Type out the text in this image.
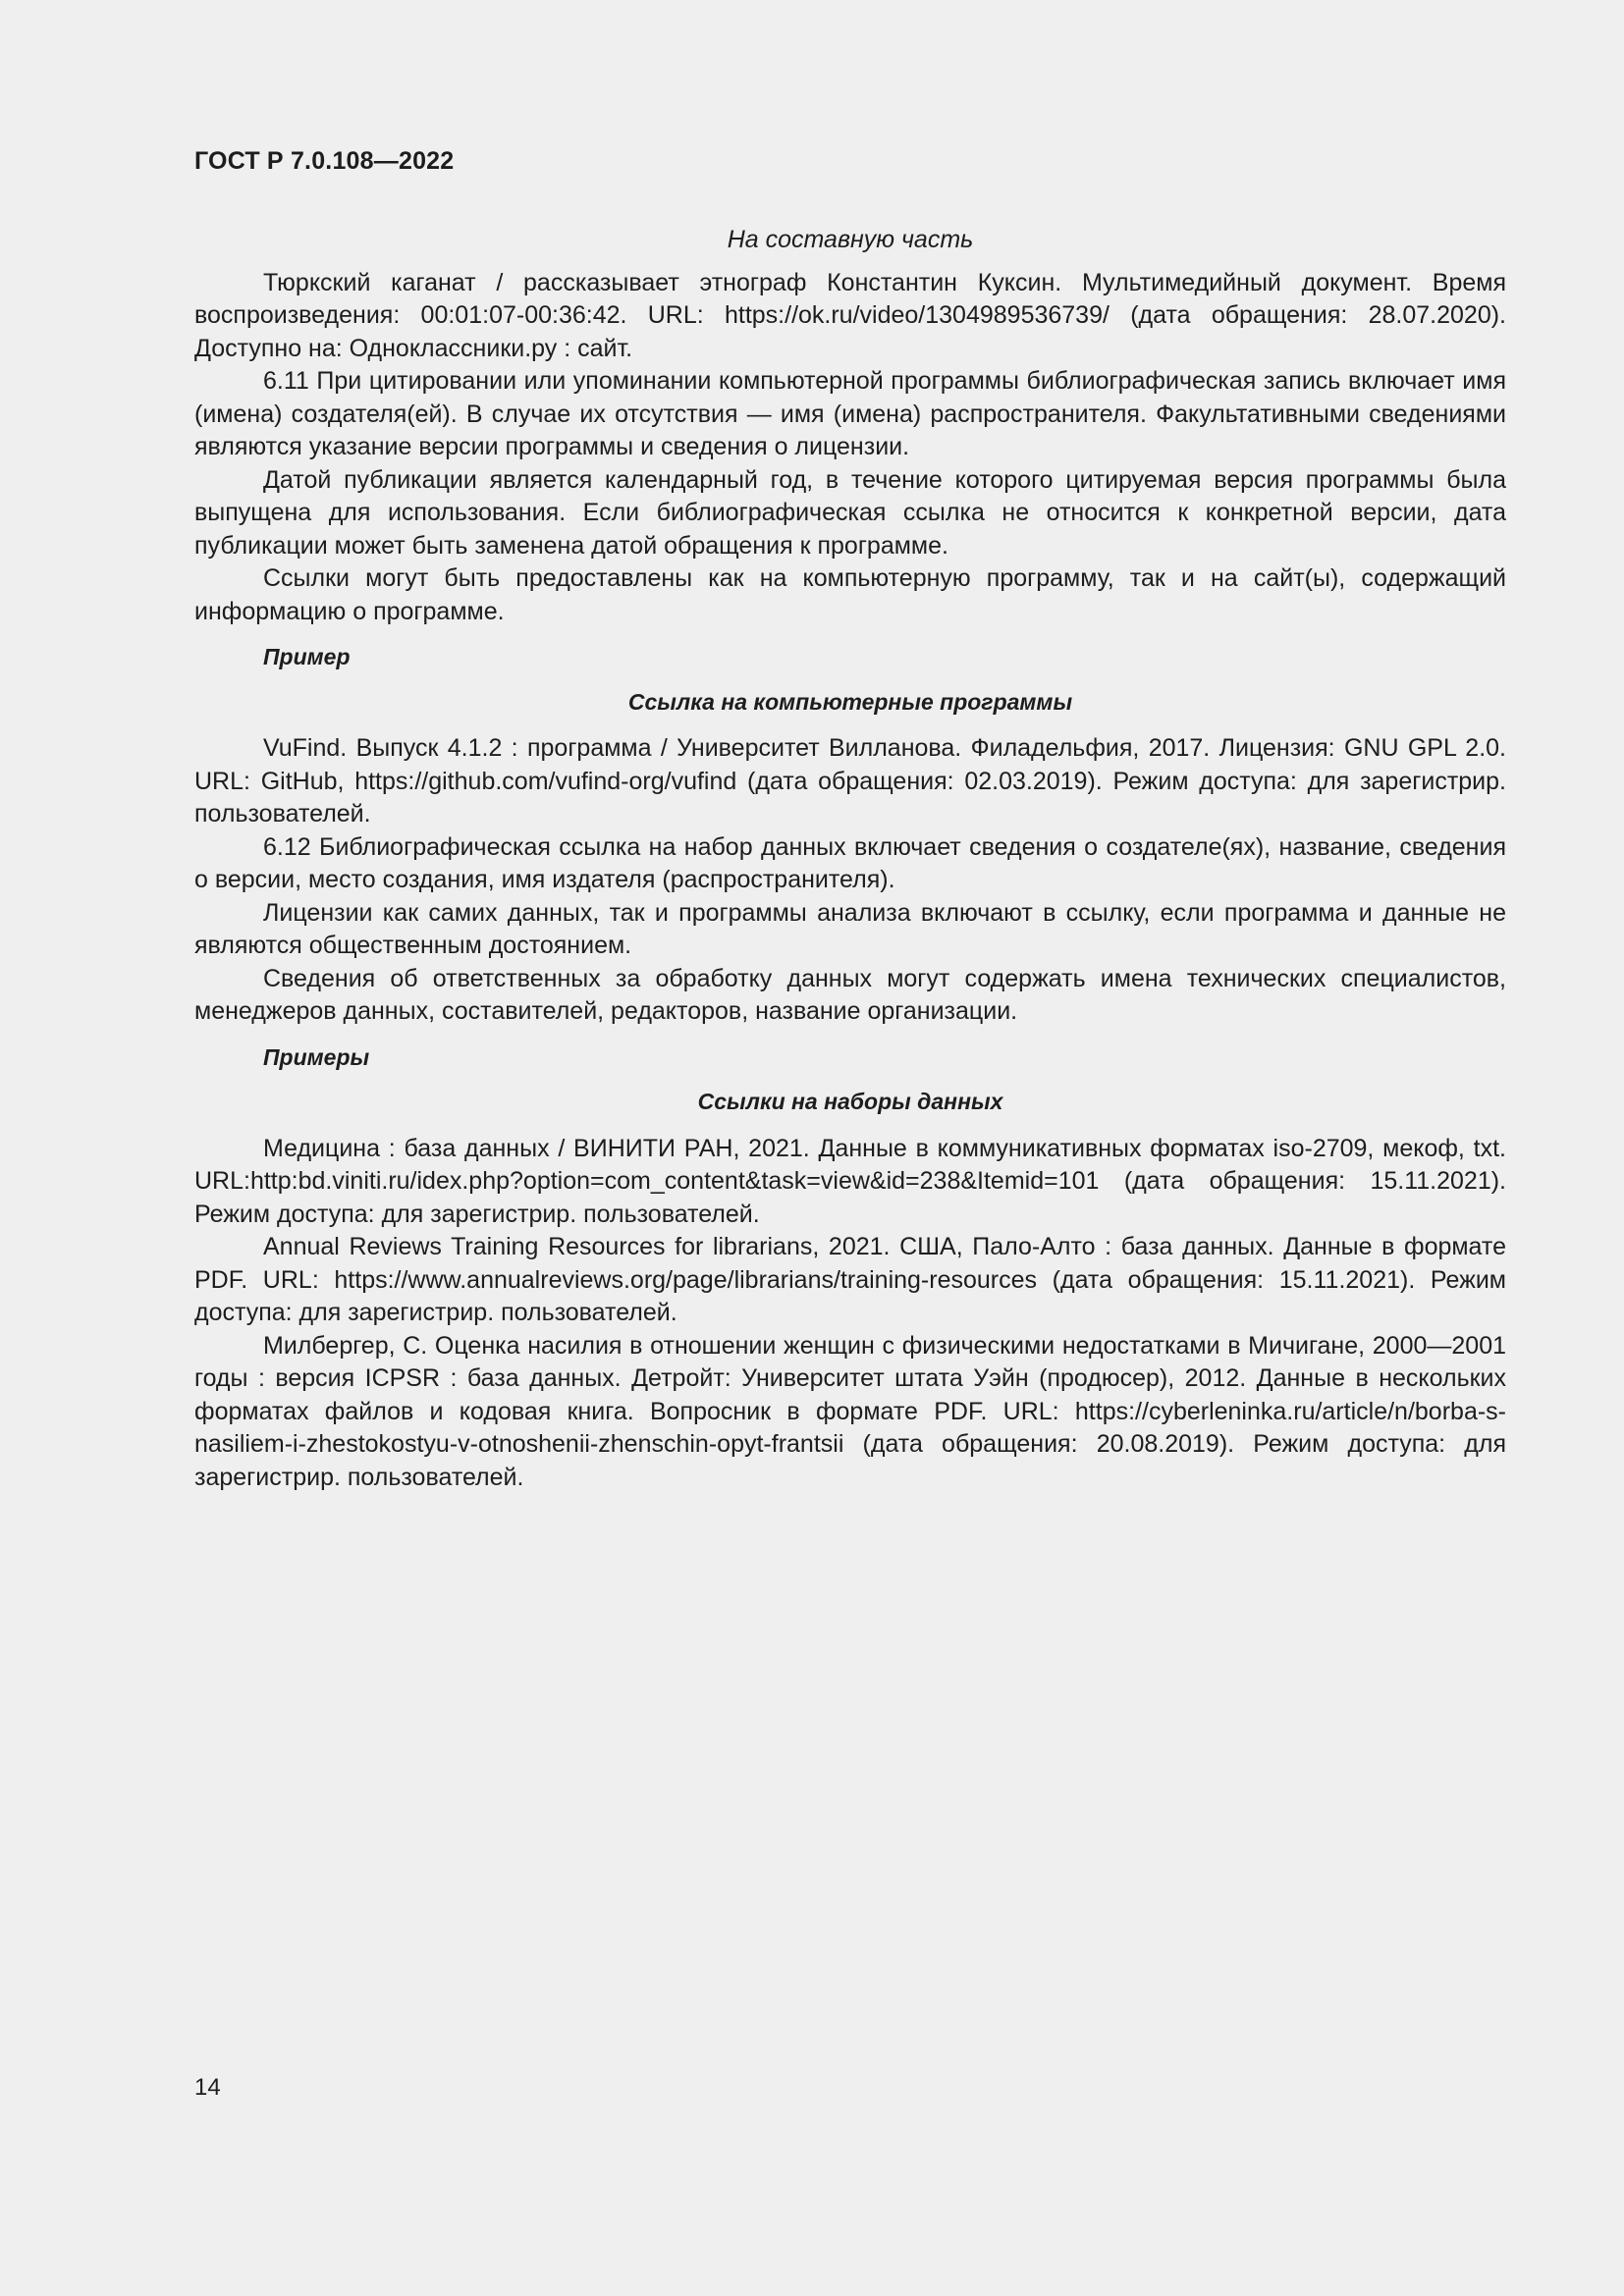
ГОСТ Р 7.0.108—2022

На составную часть

Тюркский каганат / рассказывает этнограф Константин Куксин. Мультимедийный документ. Время воспроизведения: 00:01:07-00:36:42. URL: https://ok.ru/video/1304989536739/ (дата обращения: 28.07.2020). Доступно на: Одноклассники.ру : сайт.

6.11 При цитировании или упоминании компьютерной программы библиографическая запись включает имя (имена) создателя(ей). В случае их отсутствия — имя (имена) распространителя. Факультативными сведениями являются указание версии программы и сведения о лицензии.

Датой публикации является календарный год, в течение которого цитируемая версия программы была выпущена для использования. Если библиографическая ссылка не относится к конкретной версии, дата публикации может быть заменена датой обращения к программе.

Ссылки могут быть предоставлены как на компьютерную программу, так и на сайт(ы), содержащий информацию о программе.

Пример
Ссылка на компьютерные программы

VuFind. Выпуск 4.1.2 : программа / Университет Вилланова. Филадельфия, 2017. Лицензия: GNU GPL 2.0. URL: GitHub, https://github.com/vufind-org/vufind (дата обращения: 02.03.2019). Режим доступа: для зарегистрир. пользователей.

6.12 Библиографическая ссылка на набор данных включает сведения о создателе(ях), название, сведения о версии, место создания, имя издателя (распространителя).

Лицензии как самих данных, так и программы анализа включают в ссылку, если программа и данные не являются общественным достоянием.

Сведения об ответственных за обработку данных могут содержать имена технических специалистов, менеджеров данных, составителей, редакторов, название организации.

Примеры
Ссылки на наборы данных

Медицина : база данных / ВИНИТИ РАН, 2021. Данные в коммуникативных форматах iso-2709, мекоф, txt. URL:http:bd.viniti.ru/idex.php?option=com_content&task=view&id=238&Itemid=101 (дата обращения: 15.11.2021). Режим доступа: для зарегистрир. пользователей.

Annual Reviews Training Resources for librarians, 2021. США, Пало-Алто : база данных. Данные в формате PDF. URL: https://www.annualreviews.org/page/librarians/training-resources (дата обращения: 15.11.2021). Режим доступа: для зарегистрир. пользователей.

Милбергер, С. Оценка насилия в отношении женщин с физическими недостатками в Мичигане, 2000—2001 годы : версия ICPSR : база данных. Детройт: Университет штата Уэйн (продюсер), 2012. Данные в нескольких форматах файлов и кодовая книга. Вопросник в формате PDF. URL: https://cyberleninka.ru/article/n/borba-s-nasiliem-i-zhestokostyu-v-otnoshenii-zhenschin-opyt-frantsii (дата обращения: 20.08.2019). Режим доступа: для зарегистрир. пользователей.

14
